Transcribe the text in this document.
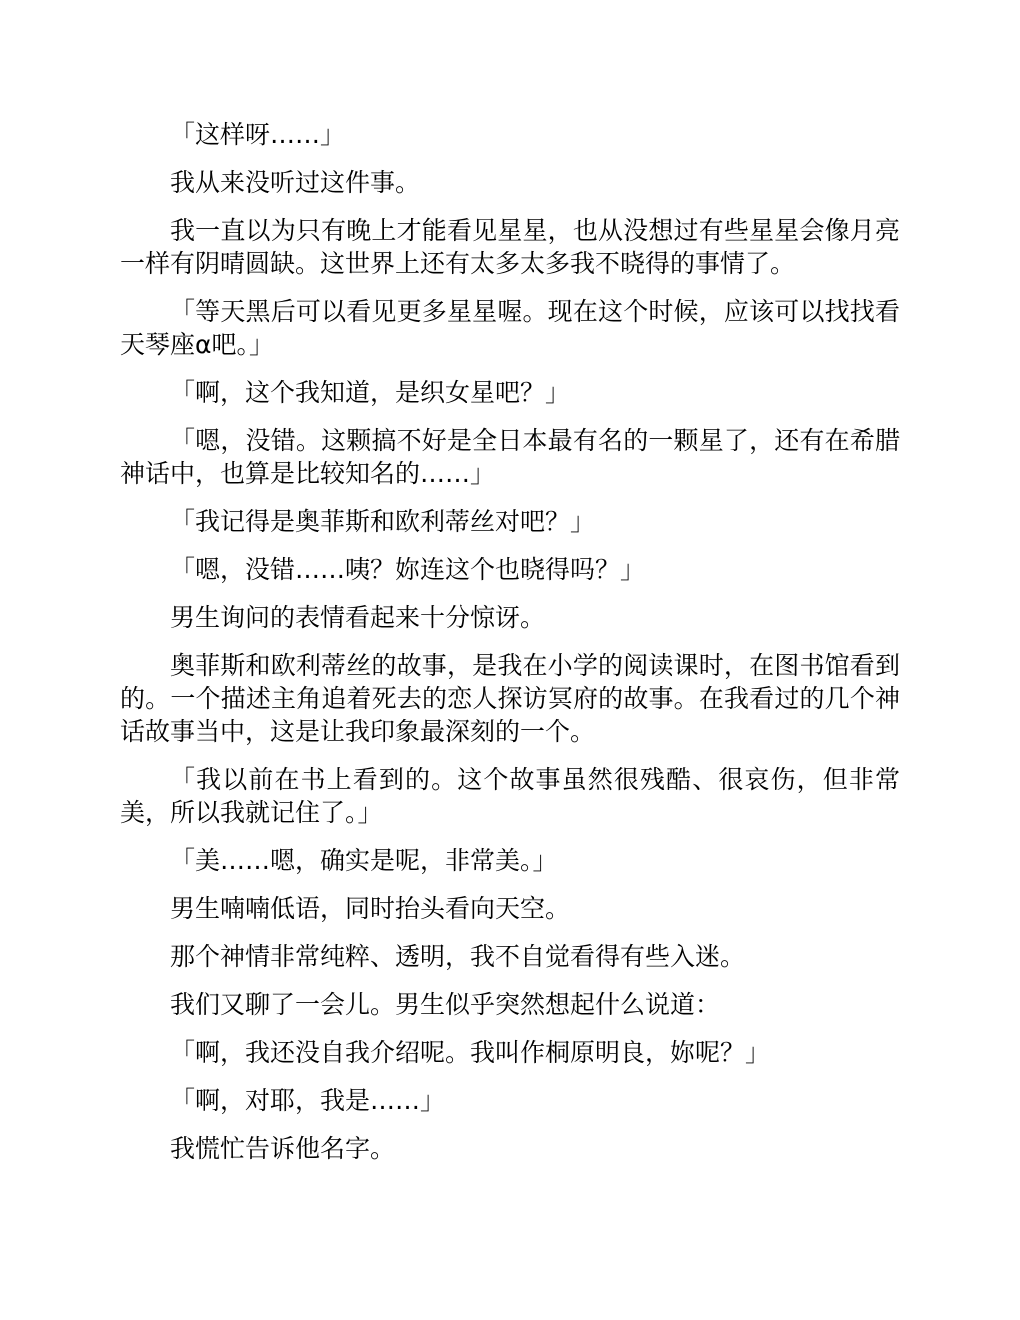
「这样呀……」

我从来没听过这件事。

我一直以为只有晚上才能看见星星，也从没想过有些星星会像月亮一样有阴晴圆缺。这世界上还有太多太多我不晓得的事情了。

「等天黑后可以看见更多星星喔。现在这个时候，应该可以找找看天琴座α吧。」

「啊，这个我知道，是织女星吧？」

「嗯，没错。这颗搞不好是全日本最有名的一颗星了，还有在希腊神话中，也算是比较知名的……」

「我记得是奥菲斯和欧利蒂丝对吧？」

「嗯，没错……咦？妳连这个也晓得吗？」

男生询问的表情看起来十分惊讶。

奥菲斯和欧利蒂丝的故事，是我在小学的阅读课时，在图书馆看到的。一个描述主角追着死去的恋人探访冥府的故事。在我看过的几个神话故事当中，这是让我印象最深刻的一个。

「我以前在书上看到的。这个故事虽然很残酷、很哀伤，但非常美，所以我就记住了。」

「美……嗯，确实是呢，非常美。」

男生喃喃低语，同时抬头看向天空。

那个神情非常纯粹、透明，我不自觉看得有些入迷。

我们又聊了一会儿。男生似乎突然想起什么说道：

「啊，我还没自我介绍呢。我叫作桐原明良，妳呢？」

「啊，对耶，我是……」

我慌忙告诉他名字。
